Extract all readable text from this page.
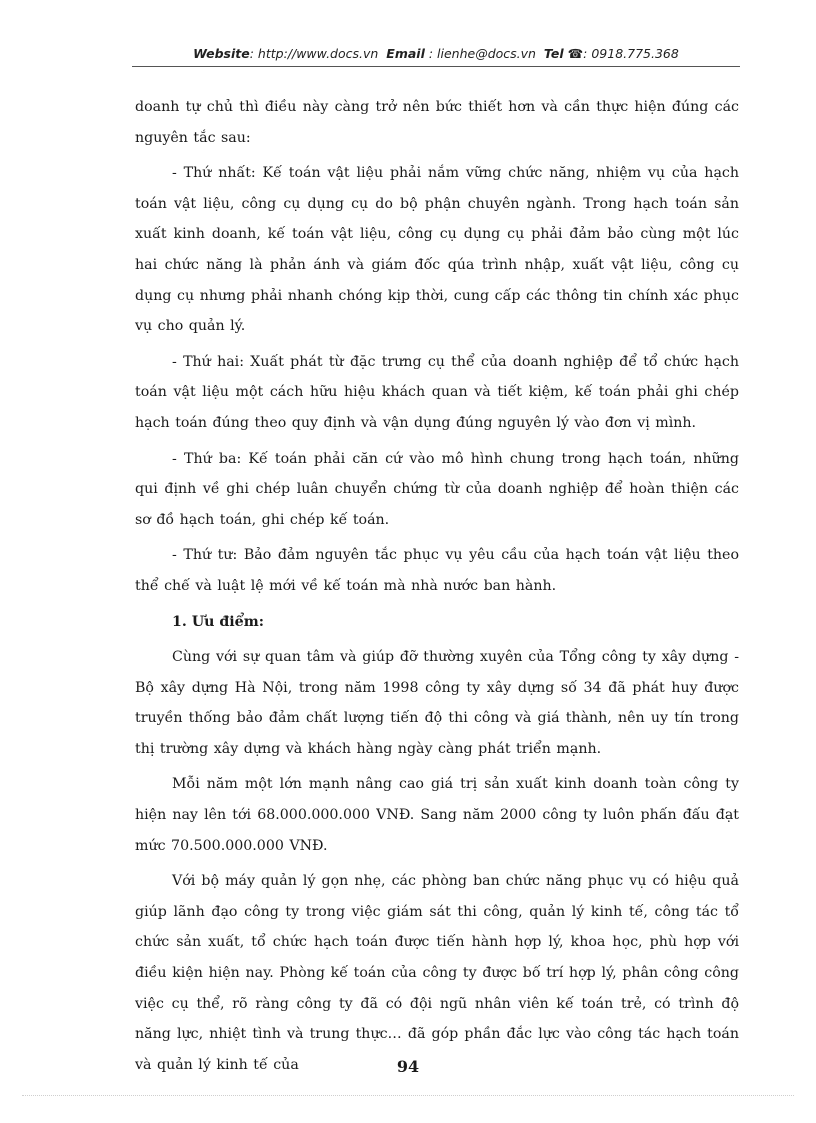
Website: http://www.docs.vn Email : lienhe@docs.vn Tel ☎: 0918.775.368

doanh tự chủ thì điều này càng trở nên bức thiết hơn và cần thực hiện đúng các nguyên tắc sau:

- Thứ nhất: Kế toán vật liệu phải nắm vững chức năng, nhiệm vụ của hạch toán vật liệu, công cụ dụng cụ do bộ phận chuyên ngành. Trong hạch toán sản xuất kinh doanh, kế toán vật liệu, công cụ dụng cụ phải đảm bảo cùng một lúc hai chức năng là phản ánh và giám đốc qúa trình nhập, xuất vật liệu, công cụ dụng cụ nhưng phải nhanh chóng kịp thời, cung cấp các thông tin chính xác phục vụ cho quản lý.

- Thứ hai: Xuất phát từ đặc trưng cụ thể của doanh nghiệp để tổ chức hạch toán vật liệu một cách hữu hiệu khách quan và tiết kiệm, kế toán phải ghi chép hạch toán đúng theo quy định và vận dụng đúng nguyên lý vào đơn vị mình.

- Thứ ba: Kế toán phải căn cứ vào mô hình chung trong hạch toán, những qui định về ghi chép luân chuyển chứng từ của doanh nghiệp để hoàn thiện các sơ đồ hạch toán, ghi chép kế toán.

- Thứ tư: Bảo đảm nguyên tắc phục vụ yêu cầu của hạch toán vật liệu theo thể chế và luật lệ mới về kế toán mà nhà nước ban hành.

1. Ưu điểm:

Cùng với sự quan tâm và giúp đỡ thường xuyên của Tổng công ty xây dựng - Bộ xây dựng Hà Nội, trong năm 1998 công ty xây dựng số 34 đã phát huy được truyền thống bảo đảm chất lượng tiến độ thi công và giá thành, nên uy tín trong thị trường xây dựng và khách hàng ngày càng phát triển mạnh.

Mỗi năm một lớn mạnh nâng cao giá trị sản xuất kinh doanh toàn công ty hiện nay lên tới 68.000.000.000 VNĐ. Sang năm 2000 công ty luôn phấn đấu đạt mức 70.500.000.000 VNĐ.

Với bộ máy quản lý gọn nhẹ, các phòng ban chức năng phục vụ có hiệu quả giúp lãnh đạo công ty trong việc giám sát thi công, quản lý kinh tế, công tác tổ chức sản xuất, tổ chức hạch toán được tiến hành hợp lý, khoa học, phù hợp với điều kiện hiện nay. Phòng kế toán của công ty được bố trí hợp lý, phân công công việc cụ thể, rõ ràng công ty đã có đội ngũ nhân viên kế toán trẻ, có trình độ năng lực, nhiệt tình và trung thực… đã góp phần đắc lực vào công tác hạch toán và quản lý kinh tế của	94
